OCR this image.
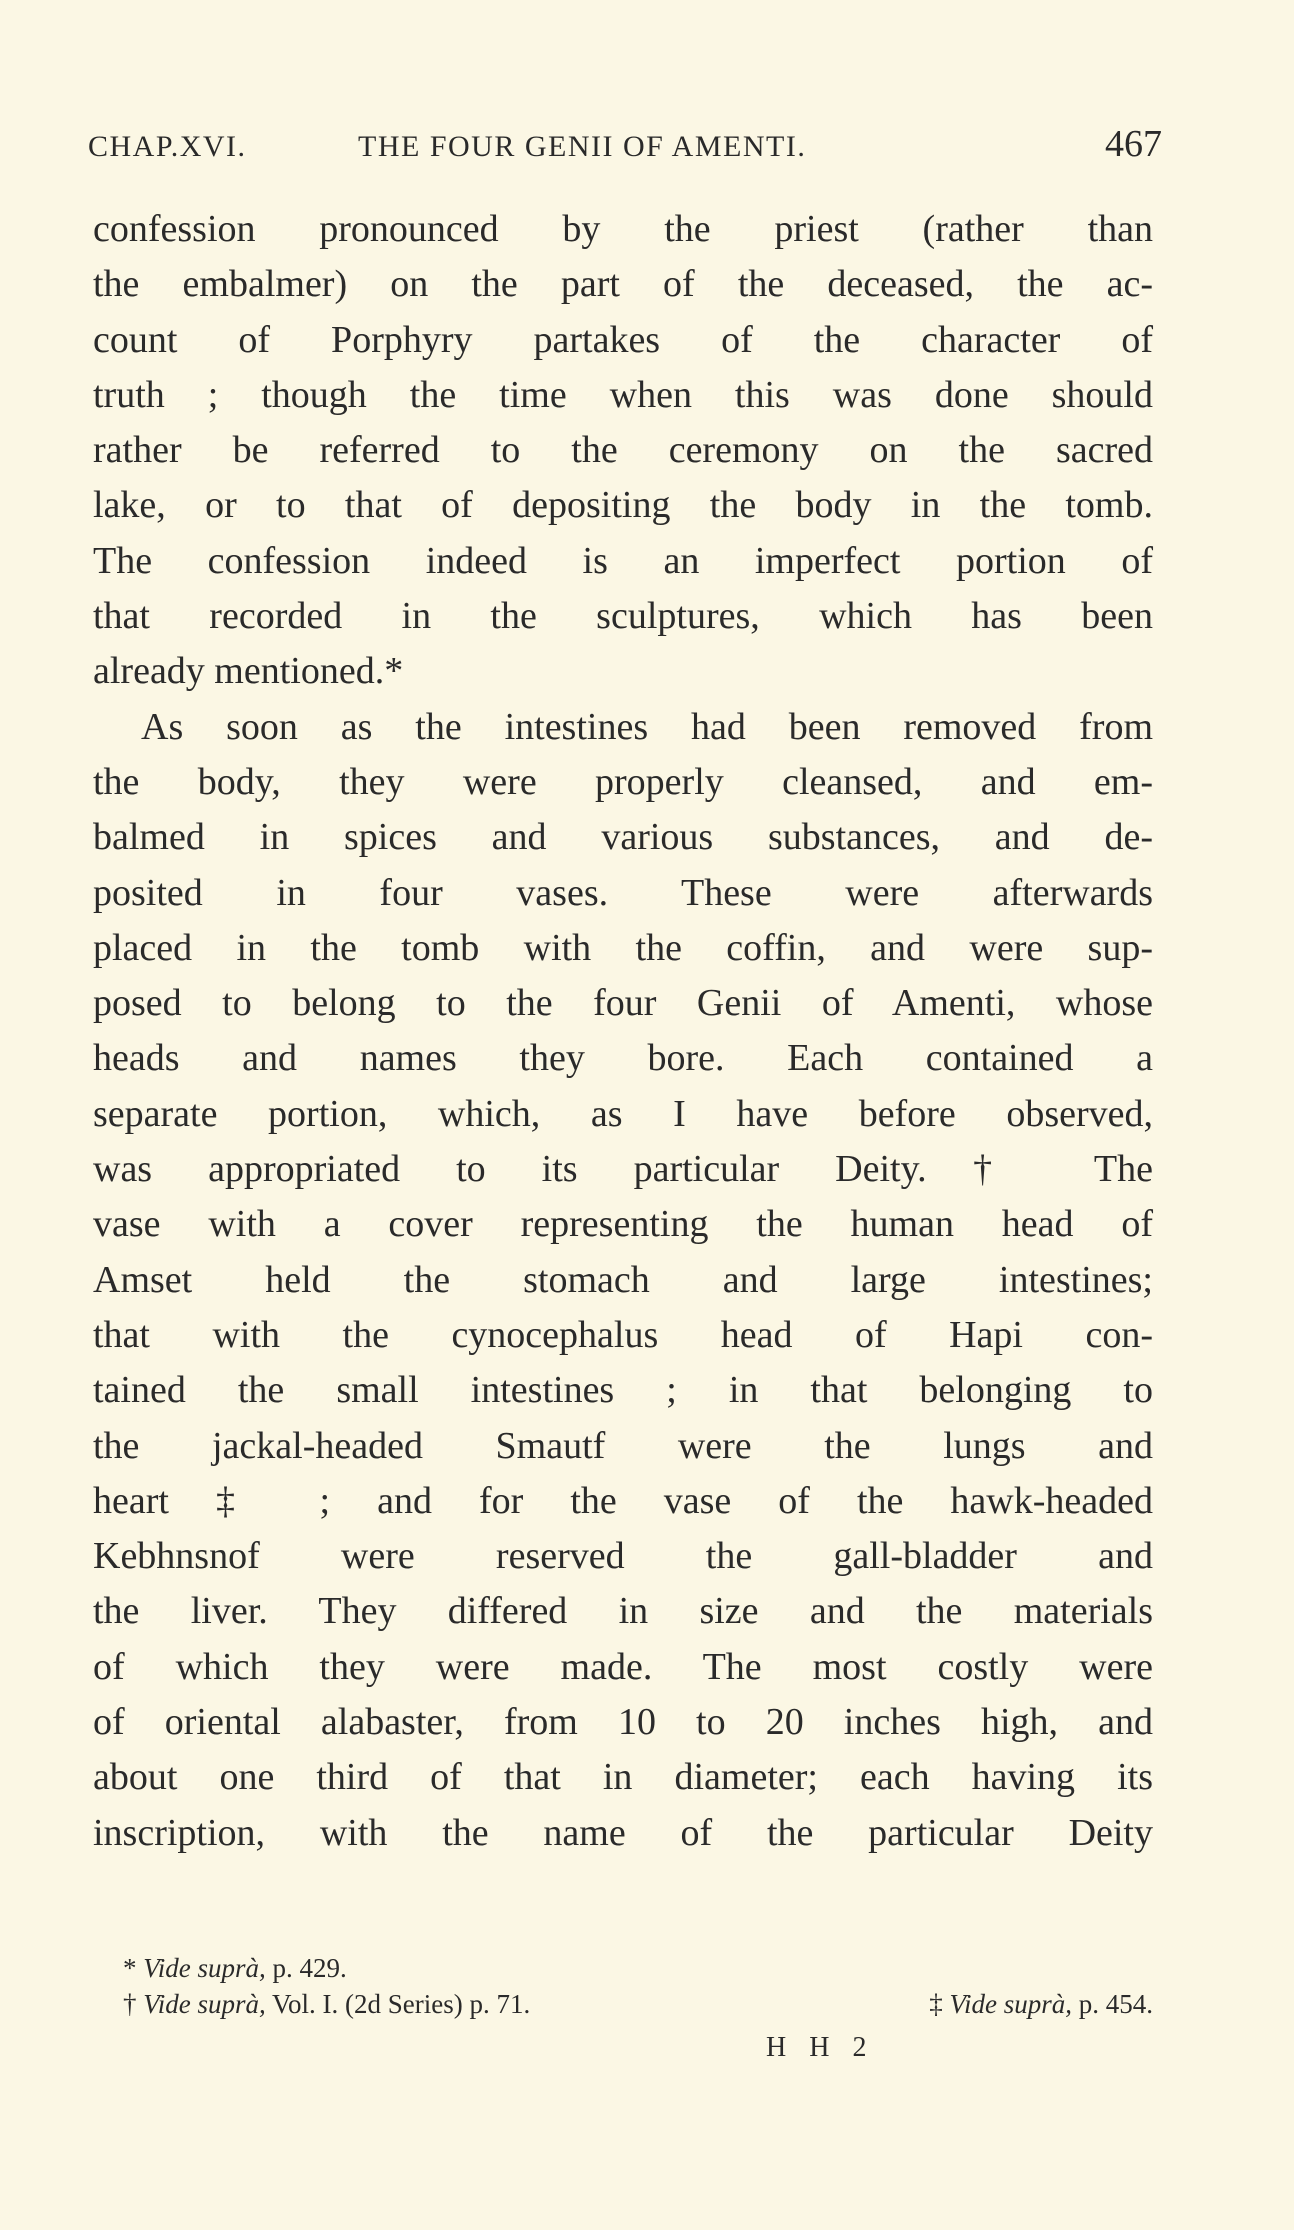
CHAP.XVI.	THE FOUR GENII OF AMENTI.	467
confession pronounced by the priest (rather than
the embalmer) on the part of the deceased, the ac-
count of Porphyry partakes of the character of
truth ; though the time when this was done should
rather be referred to the ceremony on the sacred
lake, or to that of depositing the body in the tomb.
The confession indeed is an imperfect portion of
that recorded in the sculptures, which has been
already mentioned.*
As soon as the intestines had been removed from
the body, they were properly cleansed, and em-
balmed in spices and various substances, and de-
posited in four vases. These were afterwards
placed in the tomb with the coffin, and were sup-
posed to belong to the four Genii of Amenti, whose
heads and names they bore. Each contained a
separate portion, which, as I have before observed,
was appropriated to its particular Deity.† The
vase with a cover representing the human head of
Amset held the stomach and large intestines;
that with the cynocephalus head of Hapi con-
tained the small intestines ; in that belonging to
the jackal-headed Smautf were the lungs and
heart ‡ ; and for the vase of the hawk-headed
Kebhnsnof were reserved the gall-bladder and
the liver. They differed in size and the materials
of which they were made. The most costly were
of oriental alabaster, from 10 to 20 inches high, and
about one third of that in diameter; each having its
inscription, with the name of the particular Deity
* Vide suprà, p. 429.
† Vide suprà, Vol. I. (2d Series) p. 71.	‡ Vide suprà, p. 454.
H H 2
